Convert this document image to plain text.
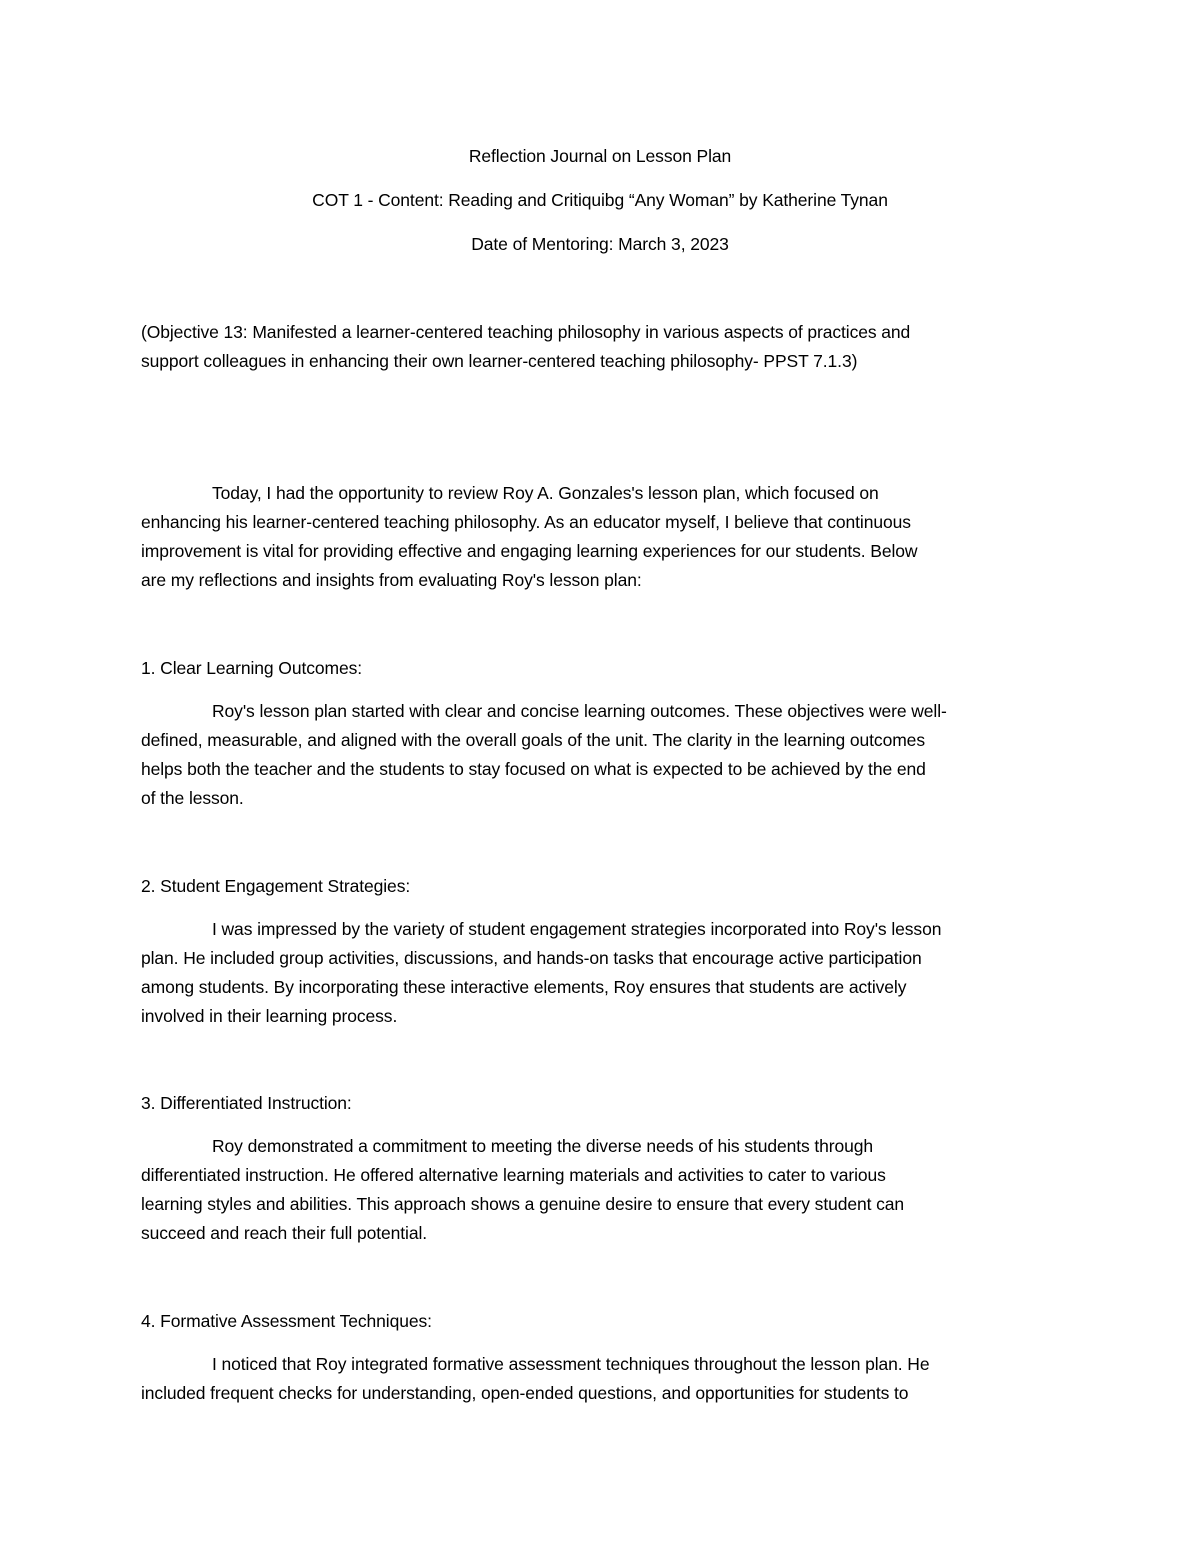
Reflection Journal on Lesson Plan
COT 1 - Content: Reading and Critiquibg “Any Woman” by Katherine Tynan
Date of Mentoring: March 3, 2023
(Objective 13: Manifested a learner-centered teaching philosophy in various aspects of practices and
support colleagues in enhancing their own learner-centered teaching philosophy- PPST 7.1.3)
Today, I had the opportunity to review Roy A. Gonzales's lesson plan, which focused on
enhancing his learner-centered teaching philosophy. As an educator myself, I believe that continuous
improvement is vital for providing effective and engaging learning experiences for our students. Below
are my reflections and insights from evaluating Roy's lesson plan:
1. Clear Learning Outcomes:
Roy's lesson plan started with clear and concise learning outcomes. These objectives were well-
defined, measurable, and aligned with the overall goals of the unit. The clarity in the learning outcomes
helps both the teacher and the students to stay focused on what is expected to be achieved by the end
of the lesson.
2. Student Engagement Strategies:
I was impressed by the variety of student engagement strategies incorporated into Roy's lesson
plan. He included group activities, discussions, and hands-on tasks that encourage active participation
among students. By incorporating these interactive elements, Roy ensures that students are actively
involved in their learning process.
3. Differentiated Instruction:
Roy demonstrated a commitment to meeting the diverse needs of his students through
differentiated instruction. He offered alternative learning materials and activities to cater to various
learning styles and abilities. This approach shows a genuine desire to ensure that every student can
succeed and reach their full potential.
4. Formative Assessment Techniques:
I noticed that Roy integrated formative assessment techniques throughout the lesson plan. He
included frequent checks for understanding, open-ended questions, and opportunities for students to
